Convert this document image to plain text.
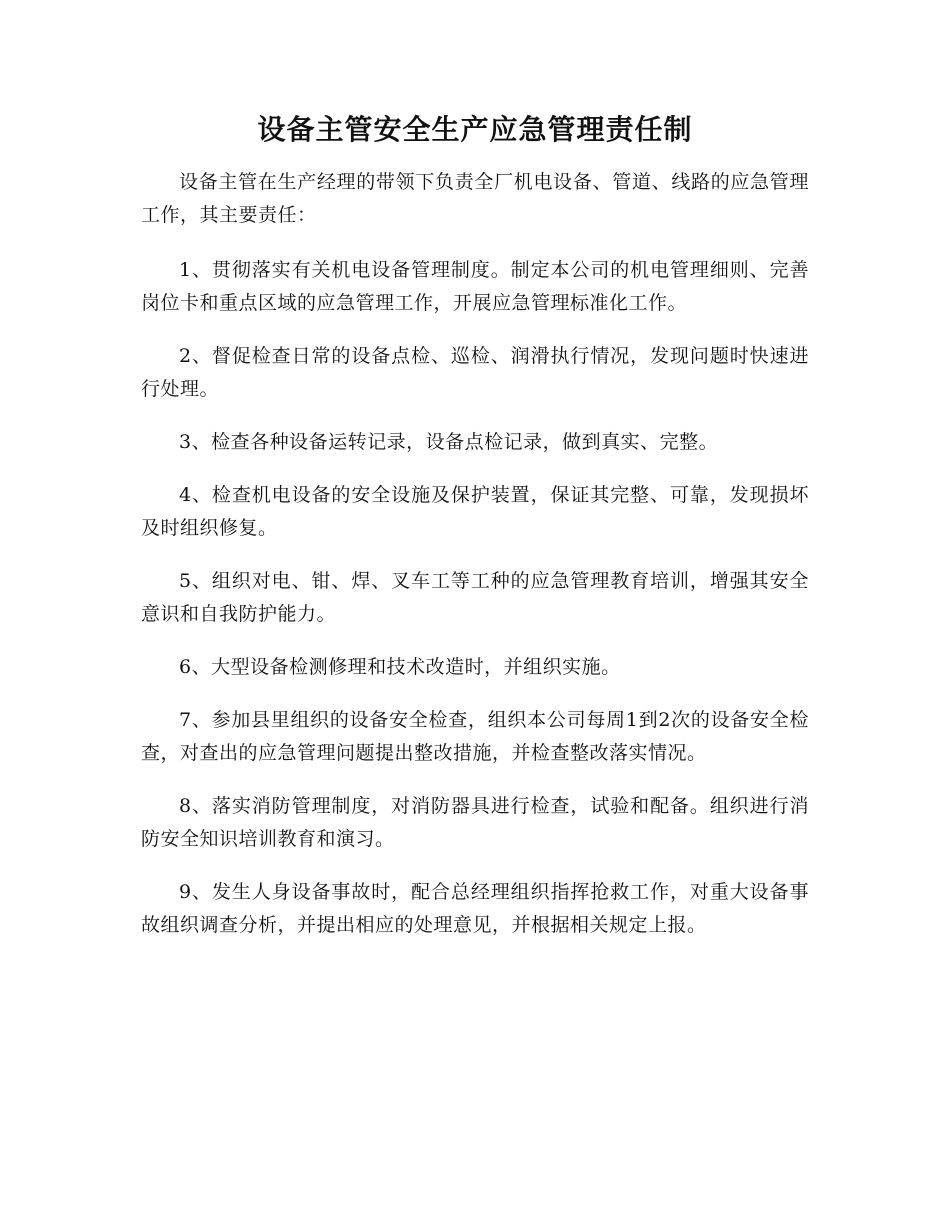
设备主管安全生产应急管理责任制

设备主管在生产经理的带领下负责全厂机电设备、管道、线路的应急管理工作，其主要责任：

1、贯彻落实有关机电设备管理制度。制定本公司的机电管理细则、完善岗位卡和重点区域的应急管理工作，开展应急管理标准化工作。

2、督促检查日常的设备点检、巡检、润滑执行情况，发现问题时快速进行处理。

3、检查各种设备运转记录，设备点检记录，做到真实、完整。

4、检查机电设备的安全设施及保护装置，保证其完整、可靠，发现损坏及时组织修复。

5、组织对电、钳、焊、叉车工等工种的应急管理教育培训，增强其安全意识和自我防护能力。

6、大型设备检测修理和技术改造时，并组织实施。

7、参加县里组织的设备安全检查，组织本公司每周1到2次的设备安全检查，对查出的应急管理问题提出整改措施，并检查整改落实情况。

8、落实消防管理制度，对消防器具进行检查，试验和配备。组织进行消防安全知识培训教育和演习。

9、发生人身设备事故时，配合总经理组织指挥抢救工作，对重大设备事故组织调查分析，并提出相应的处理意见，并根据相关规定上报。
